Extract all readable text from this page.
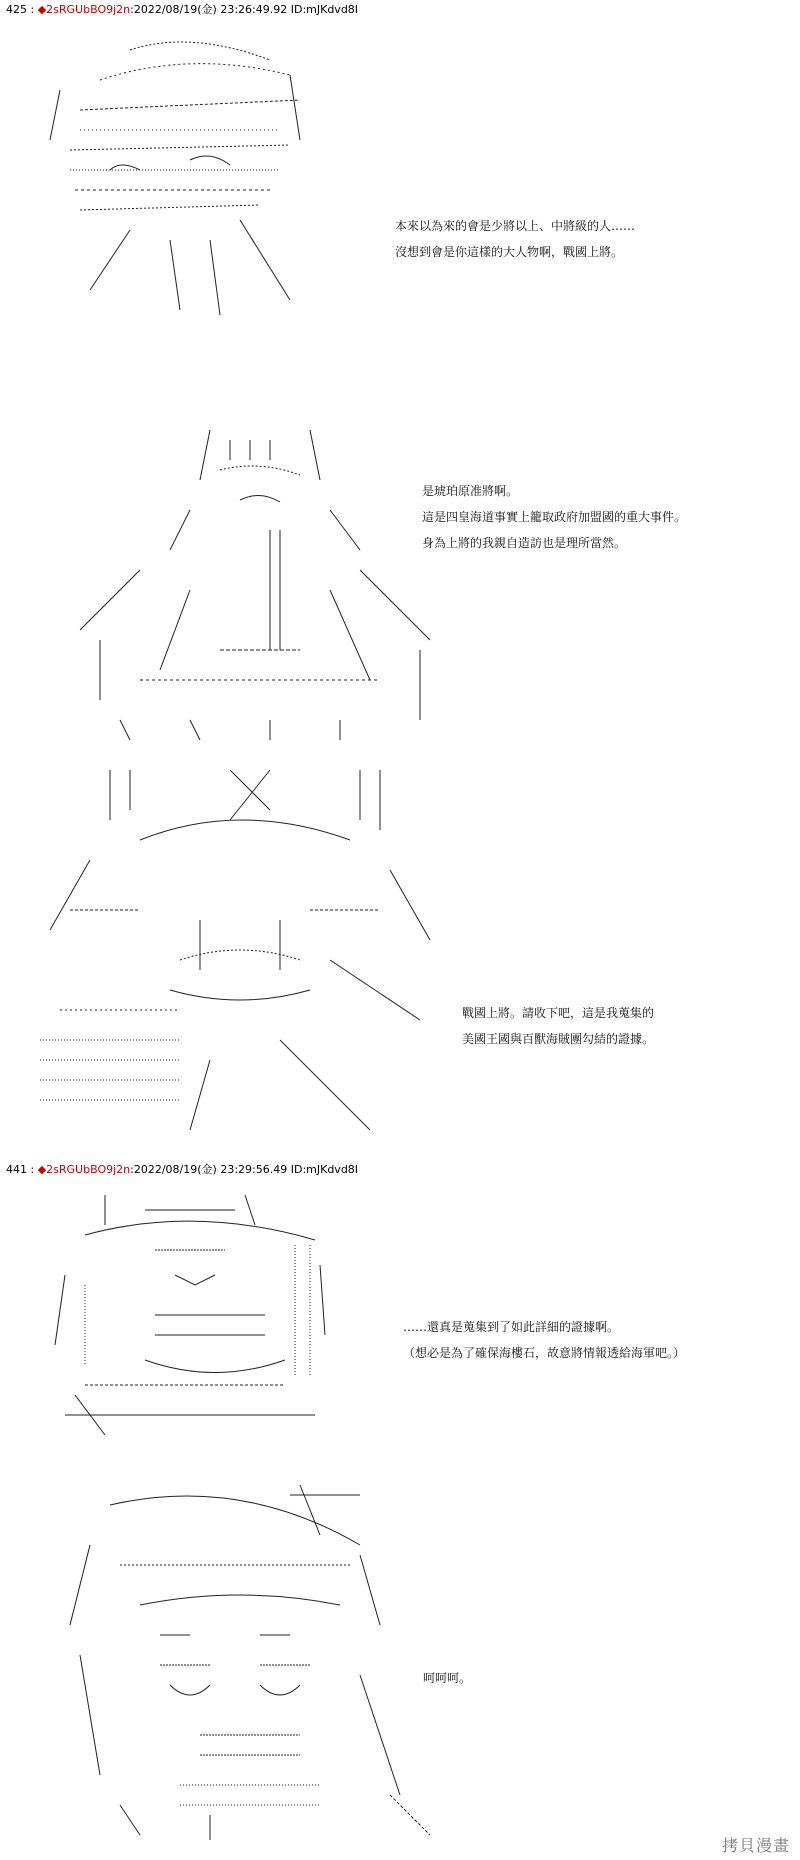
425 : ◆2sRGUbBO9j2n:2022/08/19(金) 23:26:49.92 ID:mJKdvd8I
本來以為來的會是少將以上、中將級的人……
沒想到會是你這樣的大人物啊，戰國上將。
是琥珀原准將啊。
這是四皇海道事實上籠取政府加盟國的重大事件。
身為上將的我親自造訪也是理所當然。
戰國上將。請收下吧，這是我蒐集的
美國王國與百獸海賊團勾結的證據。
441 : ◆2sRGUbBO9j2n:2022/08/19(金) 23:29:56.49 ID:mJKdvd8I
……還真是蒐集到了如此詳細的證據啊。
（想必是為了確保海樓石，故意將情報透給海軍吧。）
呵呵呵。
拷貝漫畫
